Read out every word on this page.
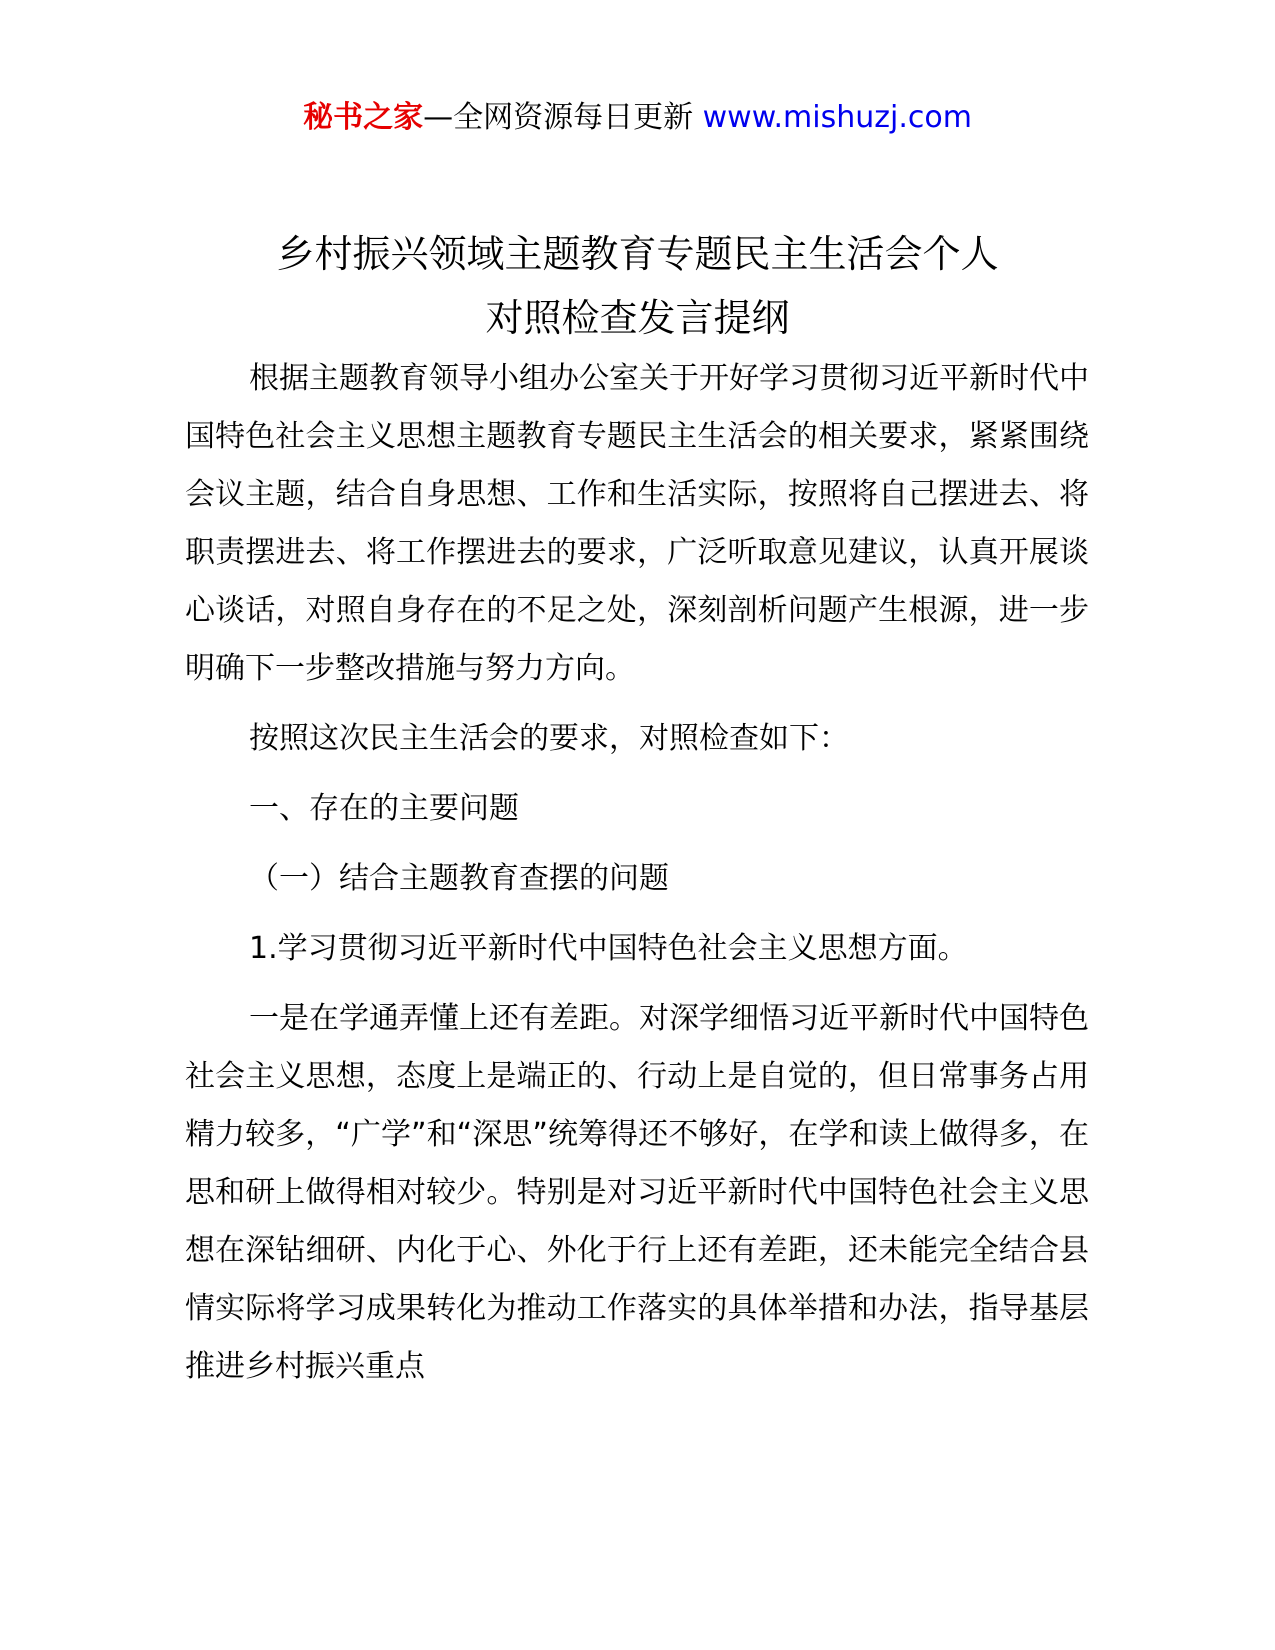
秘书之家—全网资源每日更新 www.mishuzj.com
乡村振兴领域主题教育专题民主生活会个人
对照检查发言提纲

根据主题教育领导小组办公室关于开好学习贯彻习近平新时代中国特色社会主义思想主题教育专题民主生活会的相关要求，紧紧围绕会议主题，结合自身思想、工作和生活实际，按照将自己摆进去、将职责摆进去、将工作摆进去的要求，广泛听取意见建议，认真开展谈心谈话，对照自身存在的不足之处，深刻剖析问题产生根源，进一步明确下一步整改措施与努力方向。

按照这次民主生活会的要求，对照检查如下：

一、存在的主要问题

（一）结合主题教育查摆的问题

1.学习贯彻习近平新时代中国特色社会主义思想方面。

一是在学通弄懂上还有差距。对深学细悟习近平新时代中国特色社会主义思想，态度上是端正的、行动上是自觉的，但日常事务占用精力较多，“广学”和“深思”统筹得还不够好，在学和读上做得多，在思和研上做得相对较少。特别是对习近平新时代中国特色社会主义思想在深钻细研、内化于心、外化于行上还有差距，还未能完全结合县情实际将学习成果转化为推动工作落实的具体举措和办法，指导基层推进乡村振兴重点
